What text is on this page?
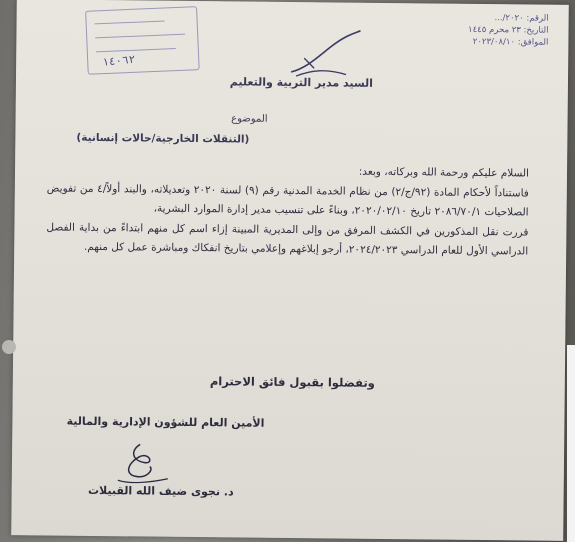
١٤٠٦٢
الرقم: ٢٠٢٠/...
التاريخ: ٢٣ محرم ١٤٤٥
الموافق: ٢٠٢٣/٠٨/١٠
السيد مدير التربية والتعليم
الموضوع
(التنقلات الخارجية/حالات إنسانية)

السلام عليكم ورحمة الله وبركاته، وبعد:

فاستناداً لأحكام المادة (٩٢/ج/٢) من نظام الخدمة المدنية رقم (٩) لسنة ٢٠٢٠ وتعديلاته، والبند أولاً/٤ من تفويض الصلاحيات ٢٠٨٦/٧٠/١ تاريخ ٢٠٢٠/٠٢/١٠، وبناءً على تنسيب مدير إدارة الموارد البشرية،

قررت نقل المذكورين في الكشف المرفق من وإلى المديرية المبينة إزاء اسم كل منهم ابتداءً من بداية الفصل الدراسي الأول للعام الدراسي ٢٠٢٤/٢٠٢٣، أرجو إبلاغهم وإعلامي بتاريخ انفكاك ومباشرة عمل كل منهم.

وتفضلوا بقبول فائق الاحترام
الأمين العام للشؤون الإدارية والمالية
د. نجوى ضيف الله القبيلات
